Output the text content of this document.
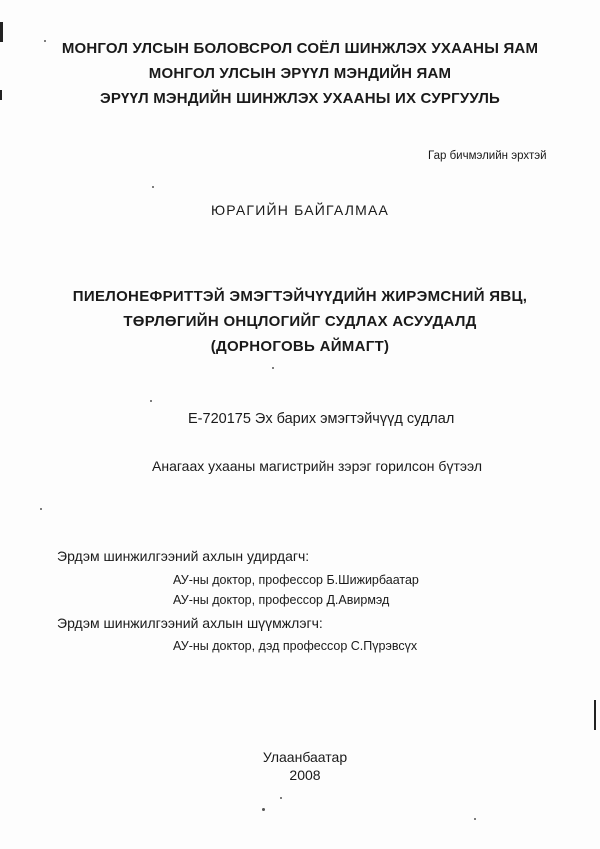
МОНГОЛ УЛСЫН БОЛОВСРОЛ СОЁЛ ШИНЖЛЭХ УХААНЫ ЯАМ
МОНГОЛ УЛСЫН ЭРҮҮЛ МЭНДИЙН ЯАМ
ЭРҮҮЛ МЭНДИЙН ШИНЖЛЭХ УХААНЫ ИХ СУРГУУЛЬ
Гар бичмэлийн эрхтэй
ЮРАГИЙН БАЙГАЛМАА
ПИЕЛОНЕФРИТТЭЙ ЭМЭГТЭЙЧҮҮДИЙН ЖИРЭМСНИЙ ЯВЦ,
ТӨРЛӨГИЙН ОНЦЛОГИЙГ СУДЛАХ АСУУДАЛД
(ДОРНОГОВЬ АЙМАГТ)
Е-720175 Эх барих эмэгтэйчүүд судлал
Анагаах ухааны магистрийн зэрэг горилсон бүтээл
Эрдэм шинжилгээний ахлын удирдагч:
АУ-ны доктор, профессор Б.Шижирбаатар
АУ-ны доктор, профессор Д.Авирмэд
Эрдэм шинжилгээний ахлын шүүмжлэгч:
АУ-ны доктор, дэд профессор С.Пүрэвсүх
Улаанбаатар
2008
